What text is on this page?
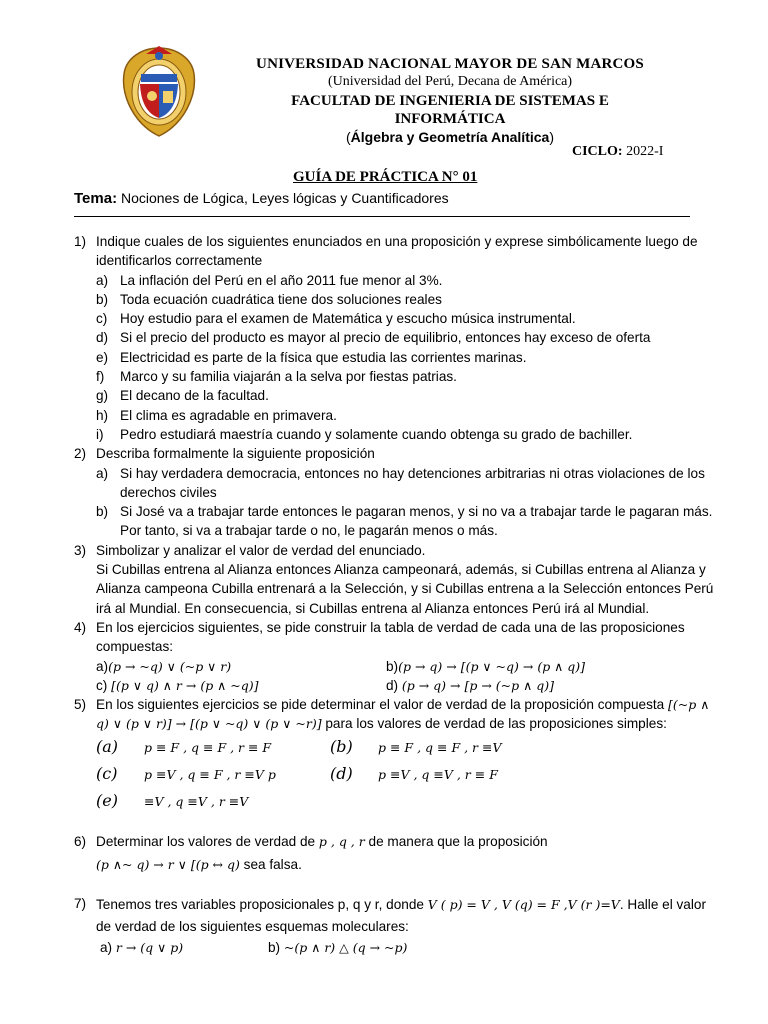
UNIVERSIDAD NACIONAL MAYOR DE SAN MARCOS
(Universidad del Perú, Decana de América)
FACULTAD DE INGENIERIA DE SISTEMAS E
INFORMÁTICA
(Álgebra y Geometría Analítica)
CICLO: 2022-I
GUÍA DE PRÁCTICA N° 01
Tema: Nociones de Lógica, Leyes lógicas y Cuantificadores
1) Indique cuales de los siguientes enunciados en una proposición y exprese simbólicamente luego de identificarlos correctamente
a) La inflación del Perú en el año 2011 fue menor al 3%.
b) Toda ecuación cuadrática tiene dos soluciones reales
c) Hoy estudio para el examen de Matemática y escucho música instrumental.
d) Si el precio del producto es mayor al precio de equilibrio, entonces hay exceso de oferta
e) Electricidad es parte de la física que estudia las corrientes marinas.
f) Marco y su familia viajarán a la selva por fiestas patrias.
g) El decano de la facultad.
h) El clima es agradable en primavera.
i) Pedro estudiará maestría cuando y solamente cuando obtenga su grado de bachiller.
2) Describa formalmente la siguiente proposición
a) Si hay verdadera democracia, entonces no hay detenciones arbitrarias ni otras violaciones de los derechos civiles
b) Si José va a trabajar tarde entonces le pagaran menos, y si no va a trabajar tarde le pagaran más. Por tanto, si va a trabajar tarde o no, le pagarán menos o más.
3) Simbolizar y analizar el valor de verdad del enunciado.
Si Cubillas entrena al Alianza entonces Alianza campeonará, además, si Cubillas entrena al Alianza y Alianza campeona Cubilla entrenará a la Selección, y si Cubillas entrena a la Selección entonces Perú irá al Mundial. En consecuencia, si Cubillas entrena al Alianza entonces Perú irá al Mundial.
4) En los ejercicios siguientes, se pide construir la tabla de verdad de cada una de las proposiciones compuestas:
a)(p → ~q) ∨ (~p ∨ r)	b)(p → q) → [(p ∨ ~q) → (p ∧ q)]
c) [(p ∨ q) ∧ r → (p ∧ ~q)]	d) (p → q) → [p → (~p ∧ q)]
5) En los siguientes ejercicios se pide determinar el valor de verdad de la proposición compuesta [(~p ∧ q) ∨ (p ∨ r)] → [(p ∨ ~q) ∨ (p ∨ ~r)] para los valores de verdad de las proposiciones simples:
(a) p ≡ F , q ≡ F , r ≡ F	(b) p ≡ F , q ≡ F , r ≡V
(c) p ≡V , q ≡ F , r ≡V p	(d) p ≡V , q ≡V , r ≡ F
(e) ≡V , q ≡V , r ≡V
6) Determinar los valores de verdad de p , q , r de manera que la proposición
(p ∧~ q) → r ∨ [(p ↔ q) sea falsa.
7) Tenemos tres variables proposicionales p, q y r, donde V ( p) = V , V (q) = F ,V (r )=V. Halle el valor de verdad de los siguientes esquemas moleculares:
a) r → (q ∨ p)	b) ~(p ∧ r) △ (q → ~p)
